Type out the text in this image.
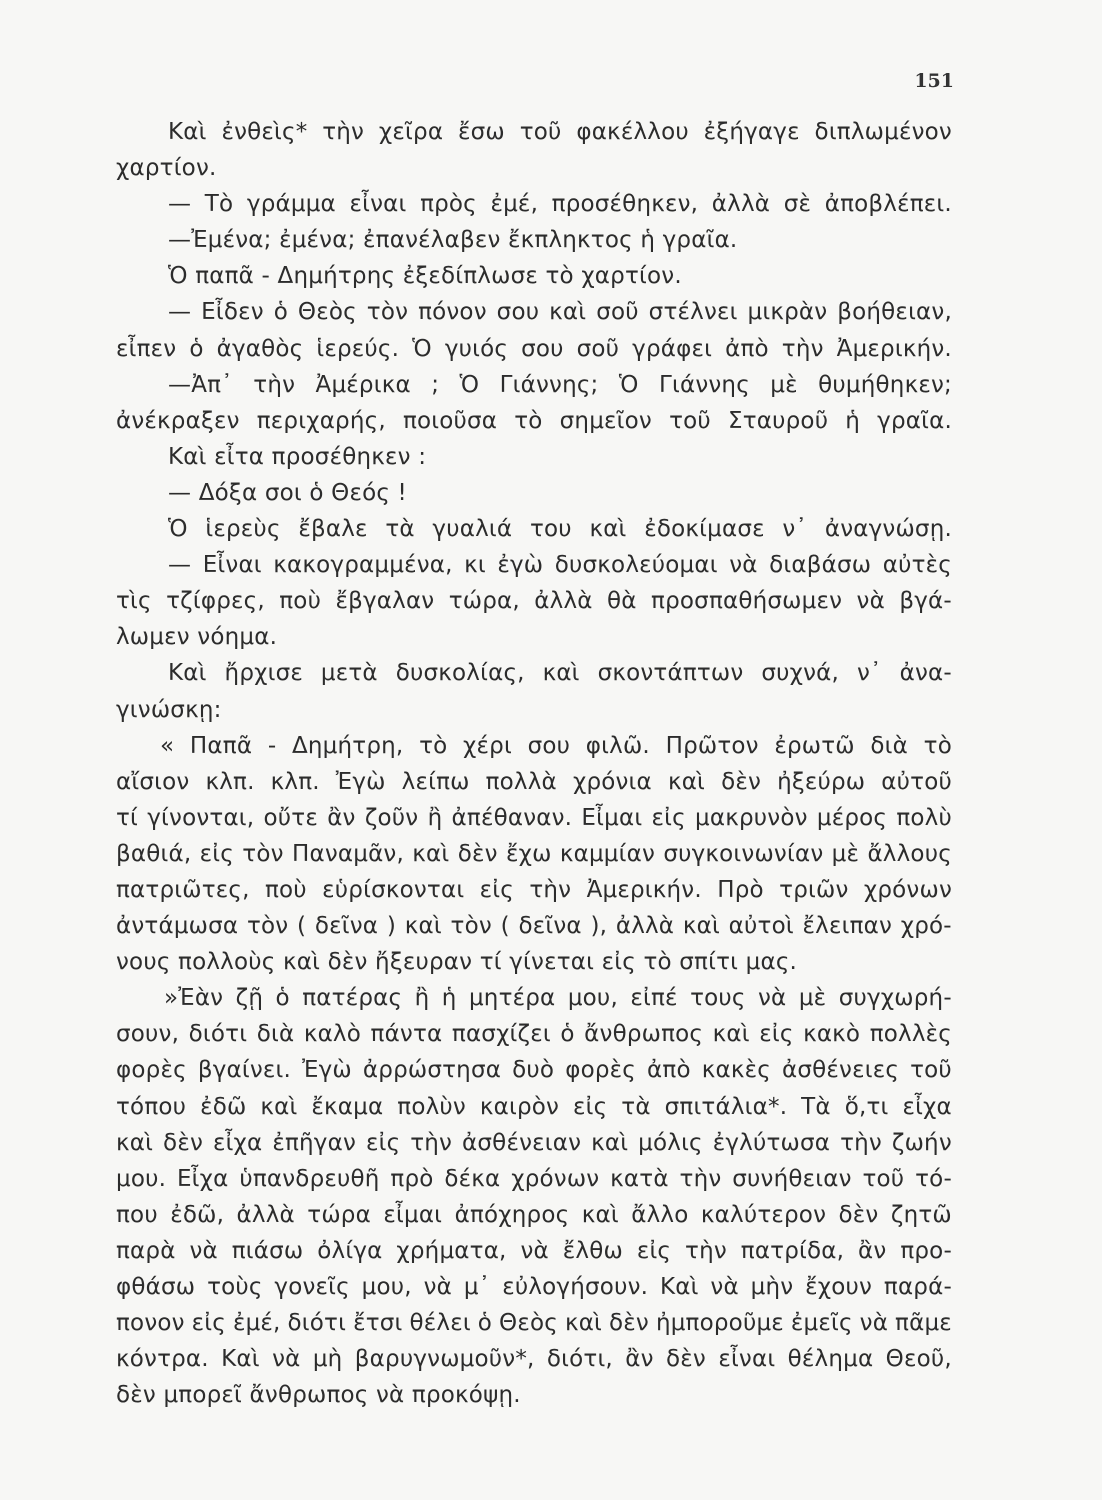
151
Καὶ ἐνθεὶς* τὴν χεῖρα ἔσω τοῦ φακέλλου ἐξήγαγε διπλωμένον
χαρτίον.
— Τὸ γράμμα εἶναι πρὸς ἐμέ, προσέθηκεν, ἀλλὰ σὲ ἀποβλέπει.
—Ἐμένα; ἐμένα; ἐπανέλαβεν ἔκπληκτος ἡ γραῖα.
Ὁ παπᾶ - Δημήτρης ἐξεδίπλωσε τὸ χαρτίον.
— Εἶδεν ὁ Θεὸς τὸν πόνον σου καὶ σοῦ στέλνει μικρὰν βοήθειαν,
εἶπεν ὁ ἀγαθὸς ἱερεύς. Ὁ γυιός σου σοῦ γράφει ἀπὸ τὴν Ἀμερικήν.
—Ἀπ᾽ τὴν Ἀμέρικα ; Ὁ Γιάννης; Ὁ Γιάννης μὲ θυμήθηκεν;
ἀνέκραξεν περιχαρής, ποιοῦσα τὸ σημεῖον τοῦ Σταυροῦ ἡ γραῖα.
Καὶ εἶτα προσέθηκεν :
— Δόξα σοι ὁ Θεός !
Ὁ ἱερεὺς ἔβαλε τὰ γυαλιά του καὶ ἐδοκίμασε ν᾽ ἀναγνώσῃ.
— Εἶναι κακογραμμένα, κι ἐγὼ δυσκολεύομαι νὰ διαβάσω αὐτὲς
τὶς τζίφρες, ποὺ ἔβγαλαν τώρα, ἀλλὰ θὰ προσπαθήσωμεν νὰ βγά-
λωμεν νόημα.
Καὶ ἤρχισε μετὰ δυσκολίας, καὶ σκοντάπτων συχνά, ν᾽ ἀνα-
γινώσκῃ:
« Παπᾶ - Δημήτρη, τὸ χέρι σου φιλῶ. Πρῶτον ἐρωτῶ διὰ τὸ
αἴσιον κλπ. κλπ. Ἐγὼ λείπω πολλὰ χρόνια καὶ δὲν ἠξεύρω αὐτοῦ
τί γίνονται, οὔτε ἂν ζοῦν ἢ ἀπέθαναν. Εἶμαι εἰς μακρυνὸν μέρος πολὺ
βαθιά, εἰς τὸν Παναμᾶν, καὶ δὲν ἔχω καμμίαν συγκοινωνίαν μὲ ἄλλους
πατριῶτες, ποὺ εὑρίσκονται εἰς τὴν Ἀμερικήν. Πρὸ τριῶν χρόνων
ἀντάμωσα τὸν ( δεῖνα ) καὶ τὸν ( δεῖνα ), ἀλλὰ καὶ αὐτοὶ ἔλειπαν χρό-
νους πολλοὺς καὶ δὲν ἤξευραν τί γίνεται εἰς τὸ σπίτι μας.
»Ἐὰν ζῇ ὁ πατέρας ἢ ἡ μητέρα μου, εἰπέ τους νὰ μὲ συγχωρή-
σουν, διότι διὰ καλὸ πάντα πασχίζει ὁ ἄνθρωπος καὶ εἰς κακὸ πολλὲς
φορὲς βγαίνει. Ἐγὼ ἀρρώστησα δυὸ φορὲς ἀπὸ κακὲς ἀσθένειες τοῦ
τόπου ἐδῶ καὶ ἔκαμα πολὺν καιρὸν εἰς τὰ σπιτάλια*. Τὰ ὅ,τι εἶχα
καὶ δὲν εἶχα ἐπῆγαν εἰς τὴν ἀσθένειαν καὶ μόλις ἐγλύτωσα τὴν ζωήν
μου. Εἶχα ὑπανδρευθῆ πρὸ δέκα χρόνων κατὰ τὴν συνήθειαν τοῦ τό-
που ἐδῶ, ἀλλὰ τώρα εἶμαι ἀπόχηρος καὶ ἄλλο καλύτερον δὲν ζητῶ
παρὰ νὰ πιάσω ὀλίγα χρήματα, νὰ ἔλθω εἰς τὴν πατρίδα, ἂν προ-
φθάσω τοὺς γονεῖς μου, νὰ μ᾽ εὐλογήσουν. Καὶ νὰ μὴν ἔχουν παρά-
πονον εἰς ἐμέ, διότι ἔτσι θέλει ὁ Θεὸς καὶ δὲν ἠμποροῦμε ἐμεῖς νὰ πᾶμε
κόντρα. Καὶ νὰ μὴ βαρυγνωμοῦν*, διότι, ἂν δὲν εἶναι θέλημα Θεοῦ,
δὲν μπορεῖ ἄνθρωπος νὰ προκόψῃ.
